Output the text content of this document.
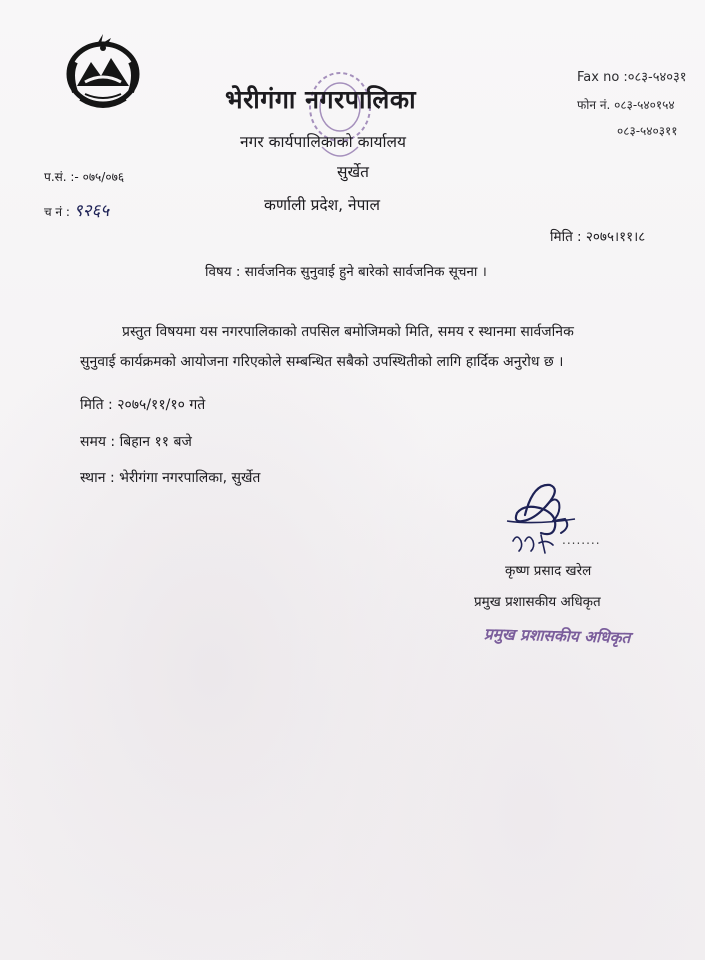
भेरीगंगा नगरपालिका
नगर कार्यपालिकाको कार्यालय
सुर्खेत
कर्णाली प्रदेश, नेपाल
Fax no :०८३-५४०३१
फोन नं. ०८३-५४०१५४
०८३-५४०३११
प.सं. :- ०७५/०७६
च नं : ९२६५
मिति : २०७५।११।८
विषय : सार्वजनिक सुनुवाई हुने बारेको सार्वजनिक सूचना ।
प्रस्तुत विषयमा यस नगरपालिकाको तपसिल बमोजिमको मिति, समय र स्थानमा सार्वजनिक
सुनुवाई कार्यक्रमको आयोजना गरिएकोले सम्बन्धित सबैको उपस्थितीको लागि हार्दिक अनुरोध छ ।
मिति : २०७५/११/१० गते
समय : बिहान ११ बजे
स्थान : भेरीगंगा नगरपालिका, सुर्खेत
........
कृष्ण प्रसाद खरेल
प्रमुख प्रशासकीय अधिकृत
प्रमुख प्रशासकीय अधिकृत
